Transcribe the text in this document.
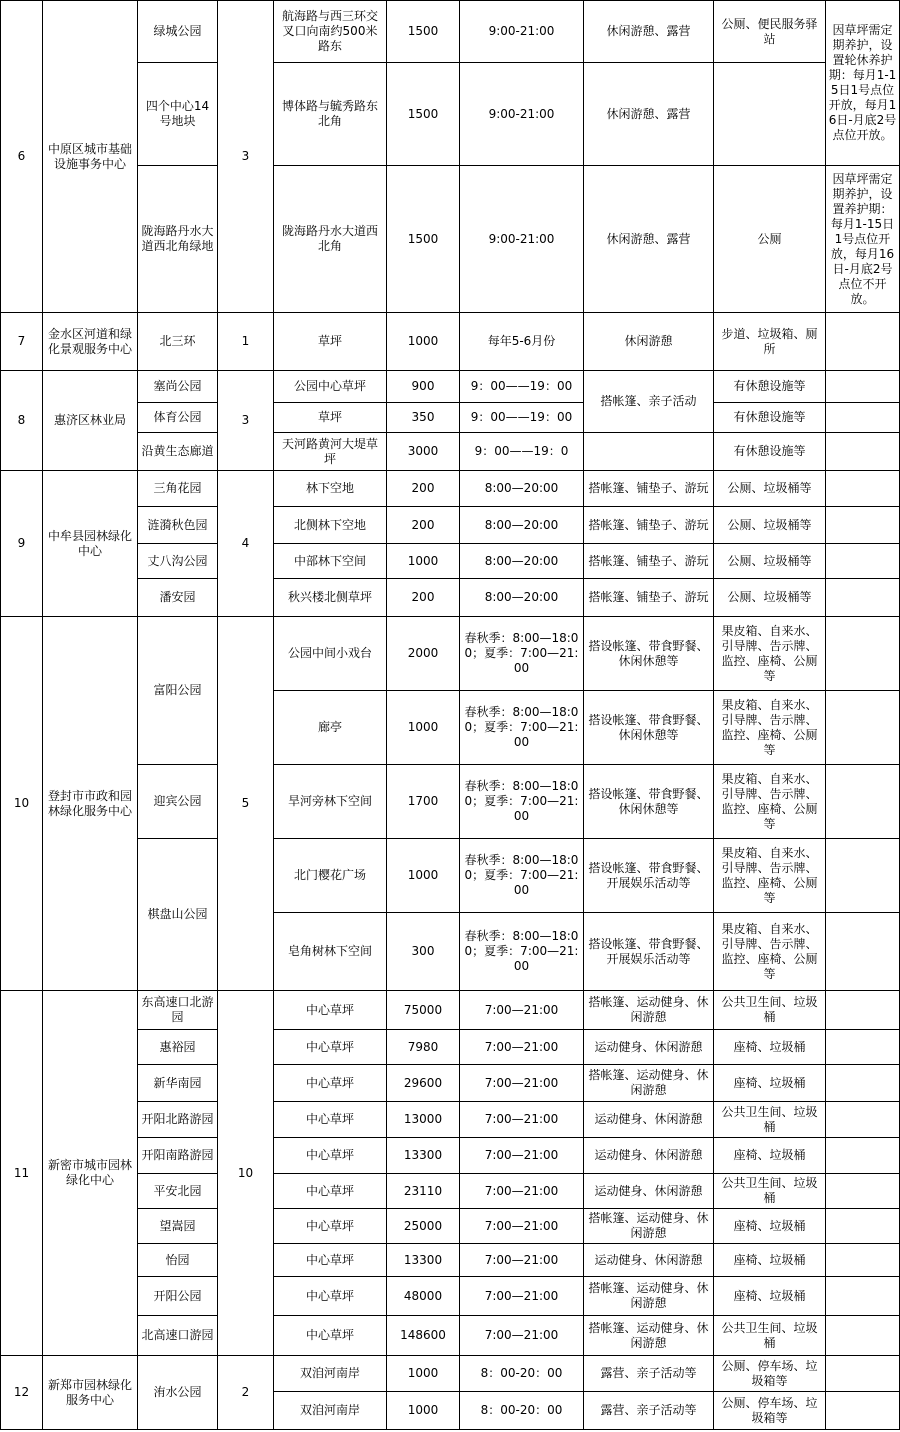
6	中原区城市基础设施事务中心	绿城公园	3	航海路与西三环交叉口向南约500米路东	1500	9:00-21:00	休闲游憩、露营	公厕、便民服务驿站	因草坪需定期养护，设置轮休养护期：每月1-15日1号点位开放，每月16日-月底2号点位开放。
		四个中心14号地块		博体路与毓秀路东北角	1500	9:00-21:00	休闲游憩、露营		
		陇海路丹水大道西北角绿地		陇海路丹水大道西北角	1500	9:00-21:00	休闲游憩、露营	公厕	因草坪需定期养护，设置养护期：每月1-15日1号点位开放，每月16日-月底2号点位不开放。
7	金水区河道和绿化景观服务中心	北三环	1	草坪	1000	每年5-6月份	休闲游憩	步道、垃圾箱、厕所	
8	惠济区林业局	塞尚公园	3	公园中心草坪	900	9：00——19：00	搭帐篷、亲子活动	有休憩设施等	
		体育公园		草坪	350	9：00——19：00		有休憩设施等	
		沿黄生态廊道		天河路黄河大堤草坪	3000	9：00——19：0		有休憩设施等	
9	中牟县园林绿化中心	三角花园	4	林下空地	200	8:00—20:00	搭帐篷、铺垫子、游玩	公厕、垃圾桶等	
		涟漪秋色园		北侧林下空地	200	8:00—20:00	搭帐篷、铺垫子、游玩	公厕、垃圾桶等	
		丈八沟公园		中部林下空间	1000	8:00—20:00	搭帐篷、铺垫子、游玩	公厕、垃圾桶等	
		潘安园		秋兴楼北侧草坪	200	8:00—20:00	搭帐篷、铺垫子、游玩	公厕、垃圾桶等	
10	登封市市政和园林绿化服务中心	富阳公园	5	公园中间小戏台	2000	春秋季：8:00—18:00；夏季：7:00—21:00	搭设帐篷、带食野餐、休闲休憩等	果皮箱、自来水、引导牌、告示牌、监控、座椅、公厕等	
				廊亭	1000	春秋季：8:00—18:00；夏季：7:00—21:00	搭设帐篷、带食野餐、休闲休憩等	果皮箱、自来水、引导牌、告示牌、监控、座椅、公厕等	
		迎宾公园		旱河旁林下空间	1700	春秋季：8:00—18:00；夏季：7:00—21:00	搭设帐篷、带食野餐、休闲休憩等	果皮箱、自来水、引导牌、告示牌、监控、座椅、公厕等	
		棋盘山公园		北门樱花广场	1000	春秋季：8:00—18:00；夏季：7:00—21:00	搭设帐篷、带食野餐、开展娱乐活动等	果皮箱、自来水、引导牌、告示牌、监控、座椅、公厕等	
				皂角树林下空间	300	春秋季：8:00—18:00；夏季：7:00—21:00	搭设帐篷、带食野餐、开展娱乐活动等	果皮箱、自来水、引导牌、告示牌、监控、座椅、公厕等	
11	新密市城市园林绿化中心	东高速口北游园	10	中心草坪	75000	7:00—21:00	搭帐篷、运动健身、休闲游憩	公共卫生间、垃圾桶	
		惠裕园		中心草坪	7980	7:00—21:00	运动健身、休闲游憩	座椅、垃圾桶	
		新华南园		中心草坪	29600	7:00—21:00	搭帐篷、运动健身、休闲游憩	座椅、垃圾桶	
		开阳北路游园		中心草坪	13000	7:00—21:00	运动健身、休闲游憩	公共卫生间、垃圾桶	
		开阳南路游园		中心草坪	13300	7:00—21:00	运动健身、休闲游憩	座椅、垃圾桶	
		平安北园		中心草坪	23110	7:00—21:00	运动健身、休闲游憩	公共卫生间、垃圾桶	
		望嵩园		中心草坪	25000	7:00—21:00	搭帐篷、运动健身、休闲游憩	座椅、垃圾桶	
		怡园		中心草坪	13300	7:00—21:00	运动健身、休闲游憩	座椅、垃圾桶	
		开阳公园		中心草坪	48000	7:00—21:00	搭帐篷、运动健身、休闲游憩	座椅、垃圾桶	
		北高速口游园		中心草坪	148600	7:00—21:00	搭帐篷、运动健身、休闲游憩	公共卫生间、垃圾桶	
12	新郑市园林绿化服务中心	洧水公园	2	双洎河南岸	1000	8：00-20：00	露营、亲子活动等	公厕、停车场、垃圾箱等	
				双洎河南岸	1000	8：00-20：00	露营、亲子活动等	公厕、停车场、垃圾箱等	
